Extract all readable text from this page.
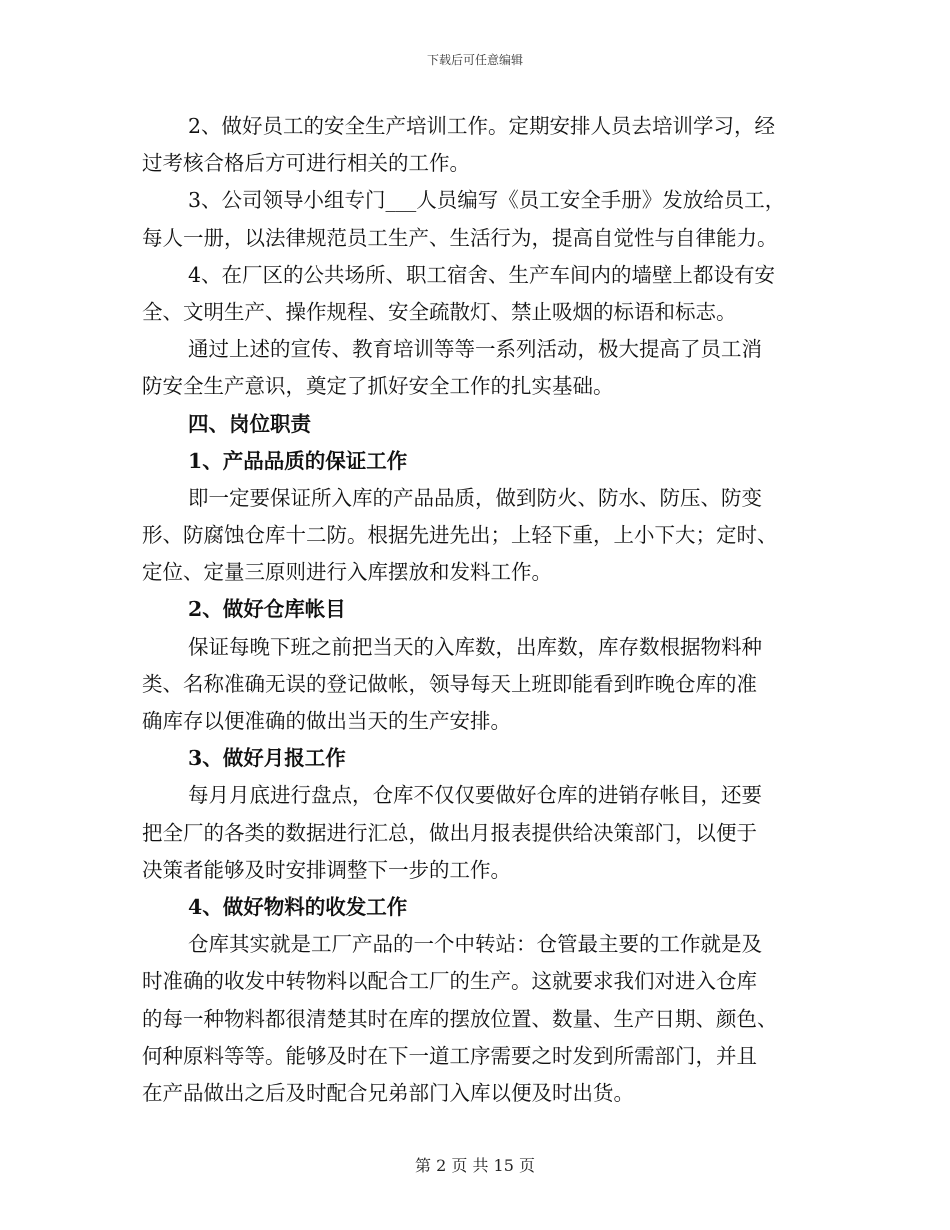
下载后可任意编辑
2、做好员工的安全生产培训工作。定期安排人员去培训学习，经
过考核合格后方可进行相关的工作。
3、公司领导小组专门___人员编写《员工安全手册》发放给员工，
每人一册，以法律规范员工生产、生活行为，提高自觉性与自律能力。
4、在厂区的公共场所、职工宿舍、生产车间内的墙壁上都设有安
全、文明生产、操作规程、安全疏散灯、禁止吸烟的标语和标志。
通过上述的宣传、教育培训等等一系列活动，极大提高了员工消
防安全生产意识，奠定了抓好安全工作的扎实基础。
四、岗位职责
1、产品品质的保证工作
即一定要保证所入库的产品品质，做到防火、防水、防压、防变
形、防腐蚀仓库十二防。根据先进先出；上轻下重，上小下大；定时、
定位、定量三原则进行入库摆放和发料工作。
2、做好仓库帐目
保证每晚下班之前把当天的入库数，出库数，库存数根据物料种
类、名称准确无误的登记做帐，领导每天上班即能看到昨晚仓库的准
确库存以便准确的做出当天的生产安排。
3、做好月报工作
每月月底进行盘点，仓库不仅仅要做好仓库的进销存帐目，还要
把全厂的各类的数据进行汇总，做出月报表提供给决策部门，以便于
决策者能够及时安排调整下一步的工作。
4、做好物料的收发工作
仓库其实就是工厂产品的一个中转站：仓管最主要的工作就是及
时准确的收发中转物料以配合工厂的生产。这就要求我们对进入仓库
的每一种物料都很清楚其时在库的摆放位置、数量、生产日期、颜色、
何种原料等等。能够及时在下一道工序需要之时发到所需部门，并且
在产品做出之后及时配合兄弟部门入库以便及时出货。
第 2 页 共 15 页
